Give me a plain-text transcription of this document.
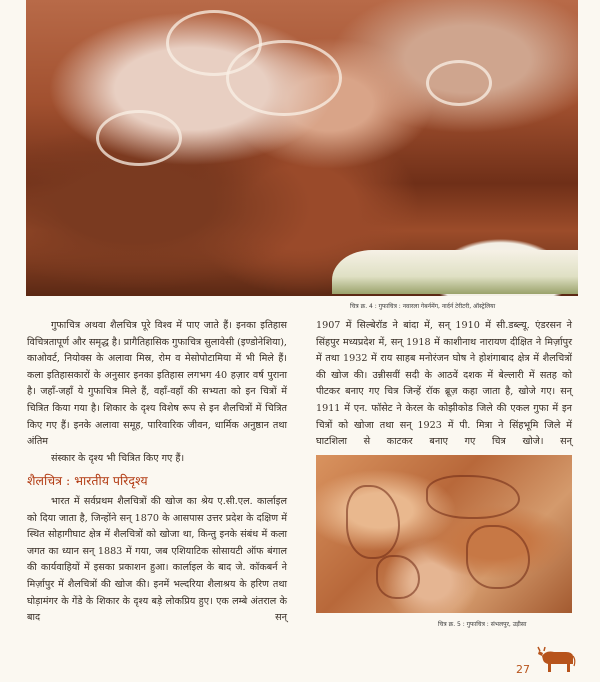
चित्र क्र. 4 : गुफाचित्र : नवारला गेबर्नमेंग, नार्दर्न टेरीटरी, ऑस्ट्रेलिया

गुफाचित्र अथवा शैलचित्र पूरे विश्व में पाए जाते हैं। इनका इतिहास विचित्रतापूर्ण और समृद्ध है। प्रागैतिहासिक गुफाचित्र सुलावेसी (इण्डोनेशिया), काओवर्ट, नियोक्स के अलावा मिस्र, रोम व मेसोपोटामिया में भी मिले हैं। कला इतिहासकारों के अनुसार इनका इतिहास लगभग 40 हज़ार वर्ष पुराना है। जहाँ-जहाँ ये गुफाचित्र मिले हैं, वहाँ-वहाँ की सभ्यता को इन चित्रों में चित्रित किया गया है। शिकार के दृश्य विशेष रूप से इन शैलचित्रों में चित्रित किए गए हैं। इनके अलावा समूह, पारिवारिक जीवन, धार्मिक अनुष्ठान तथा अंतिम
संस्कार के दृश्य भी चित्रित किए गए हैं।

शैलचित्र : भारतीय परिदृश्य

भारत में सर्वप्रथम शैलचित्रों की खोज का श्रेय ए.सी.एल. कार्लाइल को दिया जाता है, जिन्होंने सन् 1870 के आसपास उत्तर प्रदेश के दक्षिण में स्थित सोहागीघाट क्षेत्र में शैलचित्रों को खोजा था, किन्तु इनके संबंध में कला जगत का ध्यान सन् 1883 में गया, जब एशियाटिक सोसायटी ऑफ बंगाल की कार्यवाहियों में इसका प्रकाशन हुआ। कार्लाइल के बाद जे. कॉकबर्न ने मिर्ज़ापुर में शैलचित्रों की खोज की। इनमें भल्दरिया शैलाश्रय के हरिण तथा घोड़ामंगर के गेंडे के शिकार के दृश्य बड़े लोकप्रिय हुए। एक लम्बे अंतराल के बाद सन्

1907 में सिल्बेरॉड ने बांदा में, सन् 1910 में सी.डब्ल्यू. एंडरसन ने सिंहपुर मध्यप्रदेश में, सन् 1918 में काशीनाथ नारायण दीक्षित ने मिर्ज़ापुर में तथा 1932 में राय साहब मनोरंजन घोष ने होशंगाबाद क्षेत्र में शैलचित्रों की खोज की। उन्नीसवीं सदी के आठवें दशक में बेल्लारी में सतह को पीटकर बनाए गए चित्र जिन्हें रॉक ब्रूज़ कहा जाता है, खोजे गए। सन् 1911 में एन. फॉसेट ने केरल के कोझीकोड जिले की एकल गुफा में इन चित्रों को खोजा तथा सन् 1923 में पी. मित्रा ने सिंहभूमि जिले में घाटशिला से काटकर बनाए गए चित्र खोजे। सन्

चित्र क्र. 5 : गुफाचित्र : संभलपुर, उड़ीसा
27
